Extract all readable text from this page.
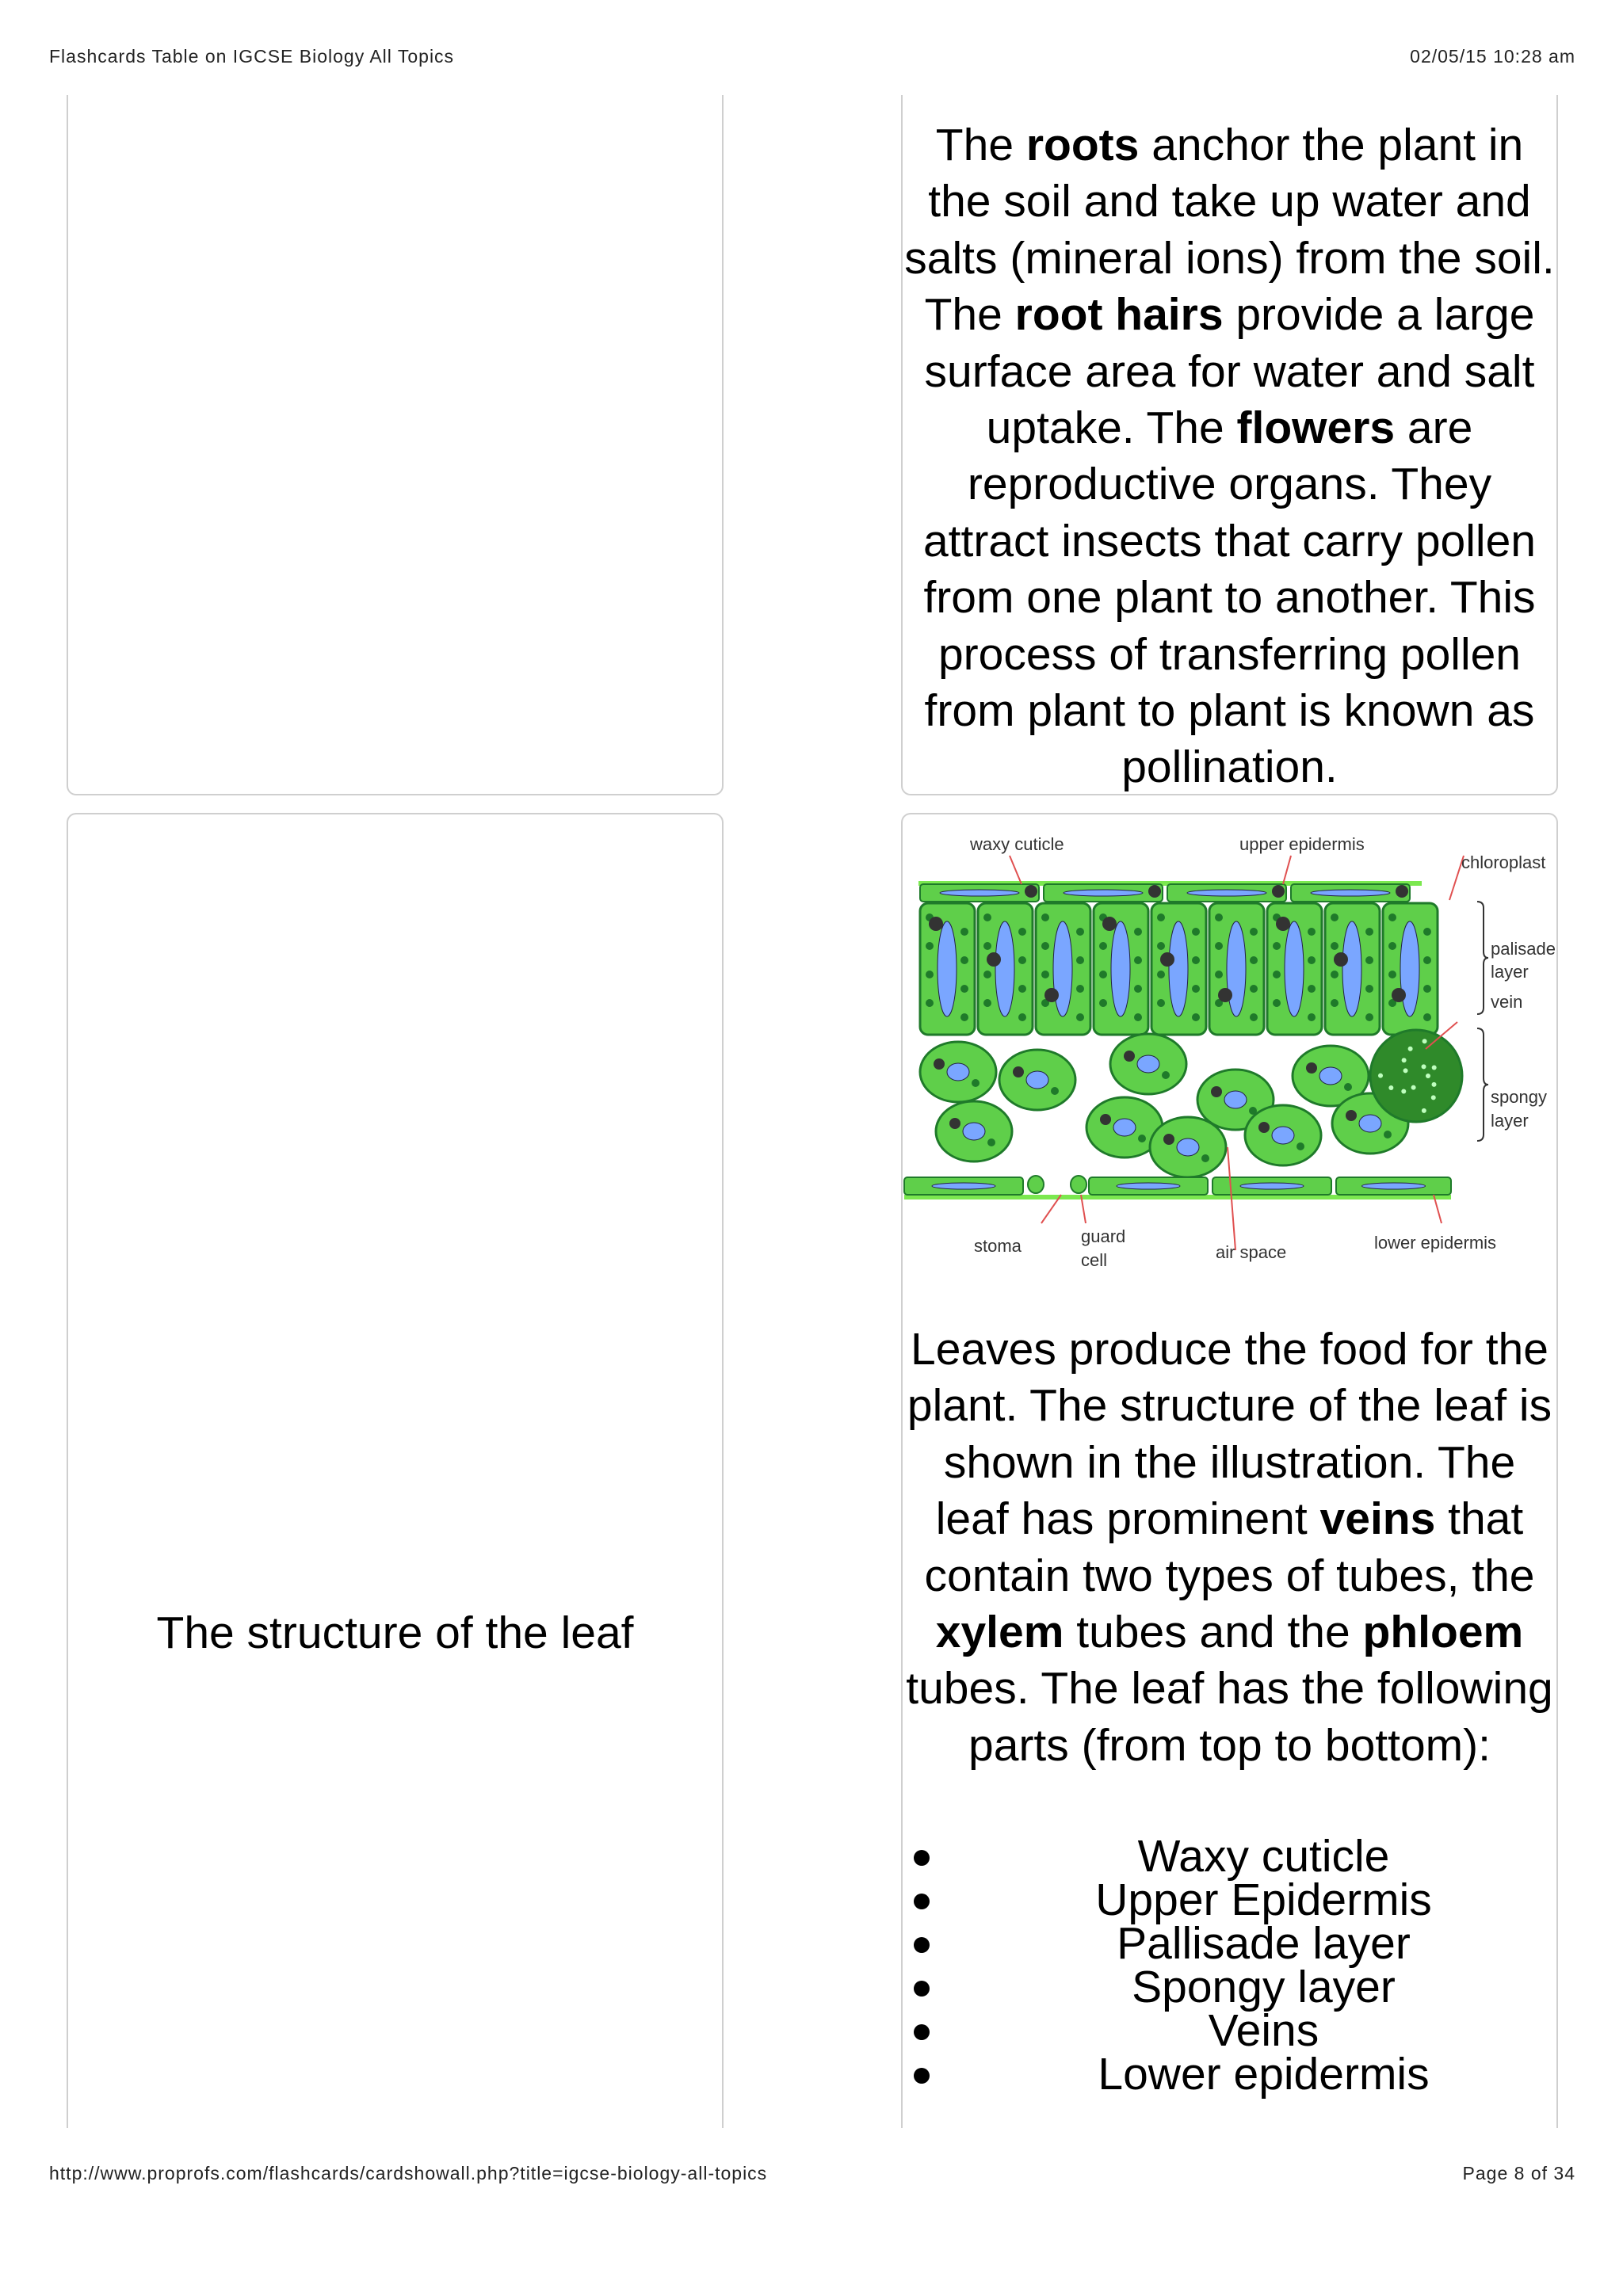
Flashcards Table on IGCSE Biology All Topics	02/05/15 10:28 am
The roots anchor the plant in the soil and take up water and salts (mineral ions) from the soil. The root hairs provide a large surface area for water and salt uptake. The flowers are reproductive organs. They attract insects that carry pollen from one plant to another. This process of transferring pollen from plant to plant is known as pollination.
The structure of the leaf
waxy cuticle	upper epidermis
chloroplast
palisade
layer
vein
spongy
layer
stoma	guard
cell	air space	lower epidermis
Leaves produce the food for the plant. The structure of the leaf is shown in the illustration. The leaf has prominent veins that contain two types of tubes, the xylem tubes and the phloem tubes. The leaf has the following parts (from top to bottom):
Waxy cuticle
Upper Epidermis
Pallisade layer
Spongy layer
Veins
Lower epidermis
http://www.proprofs.com/flashcards/cardshowall.php?title=igcse-biology-all-topics	Page 8 of 34
